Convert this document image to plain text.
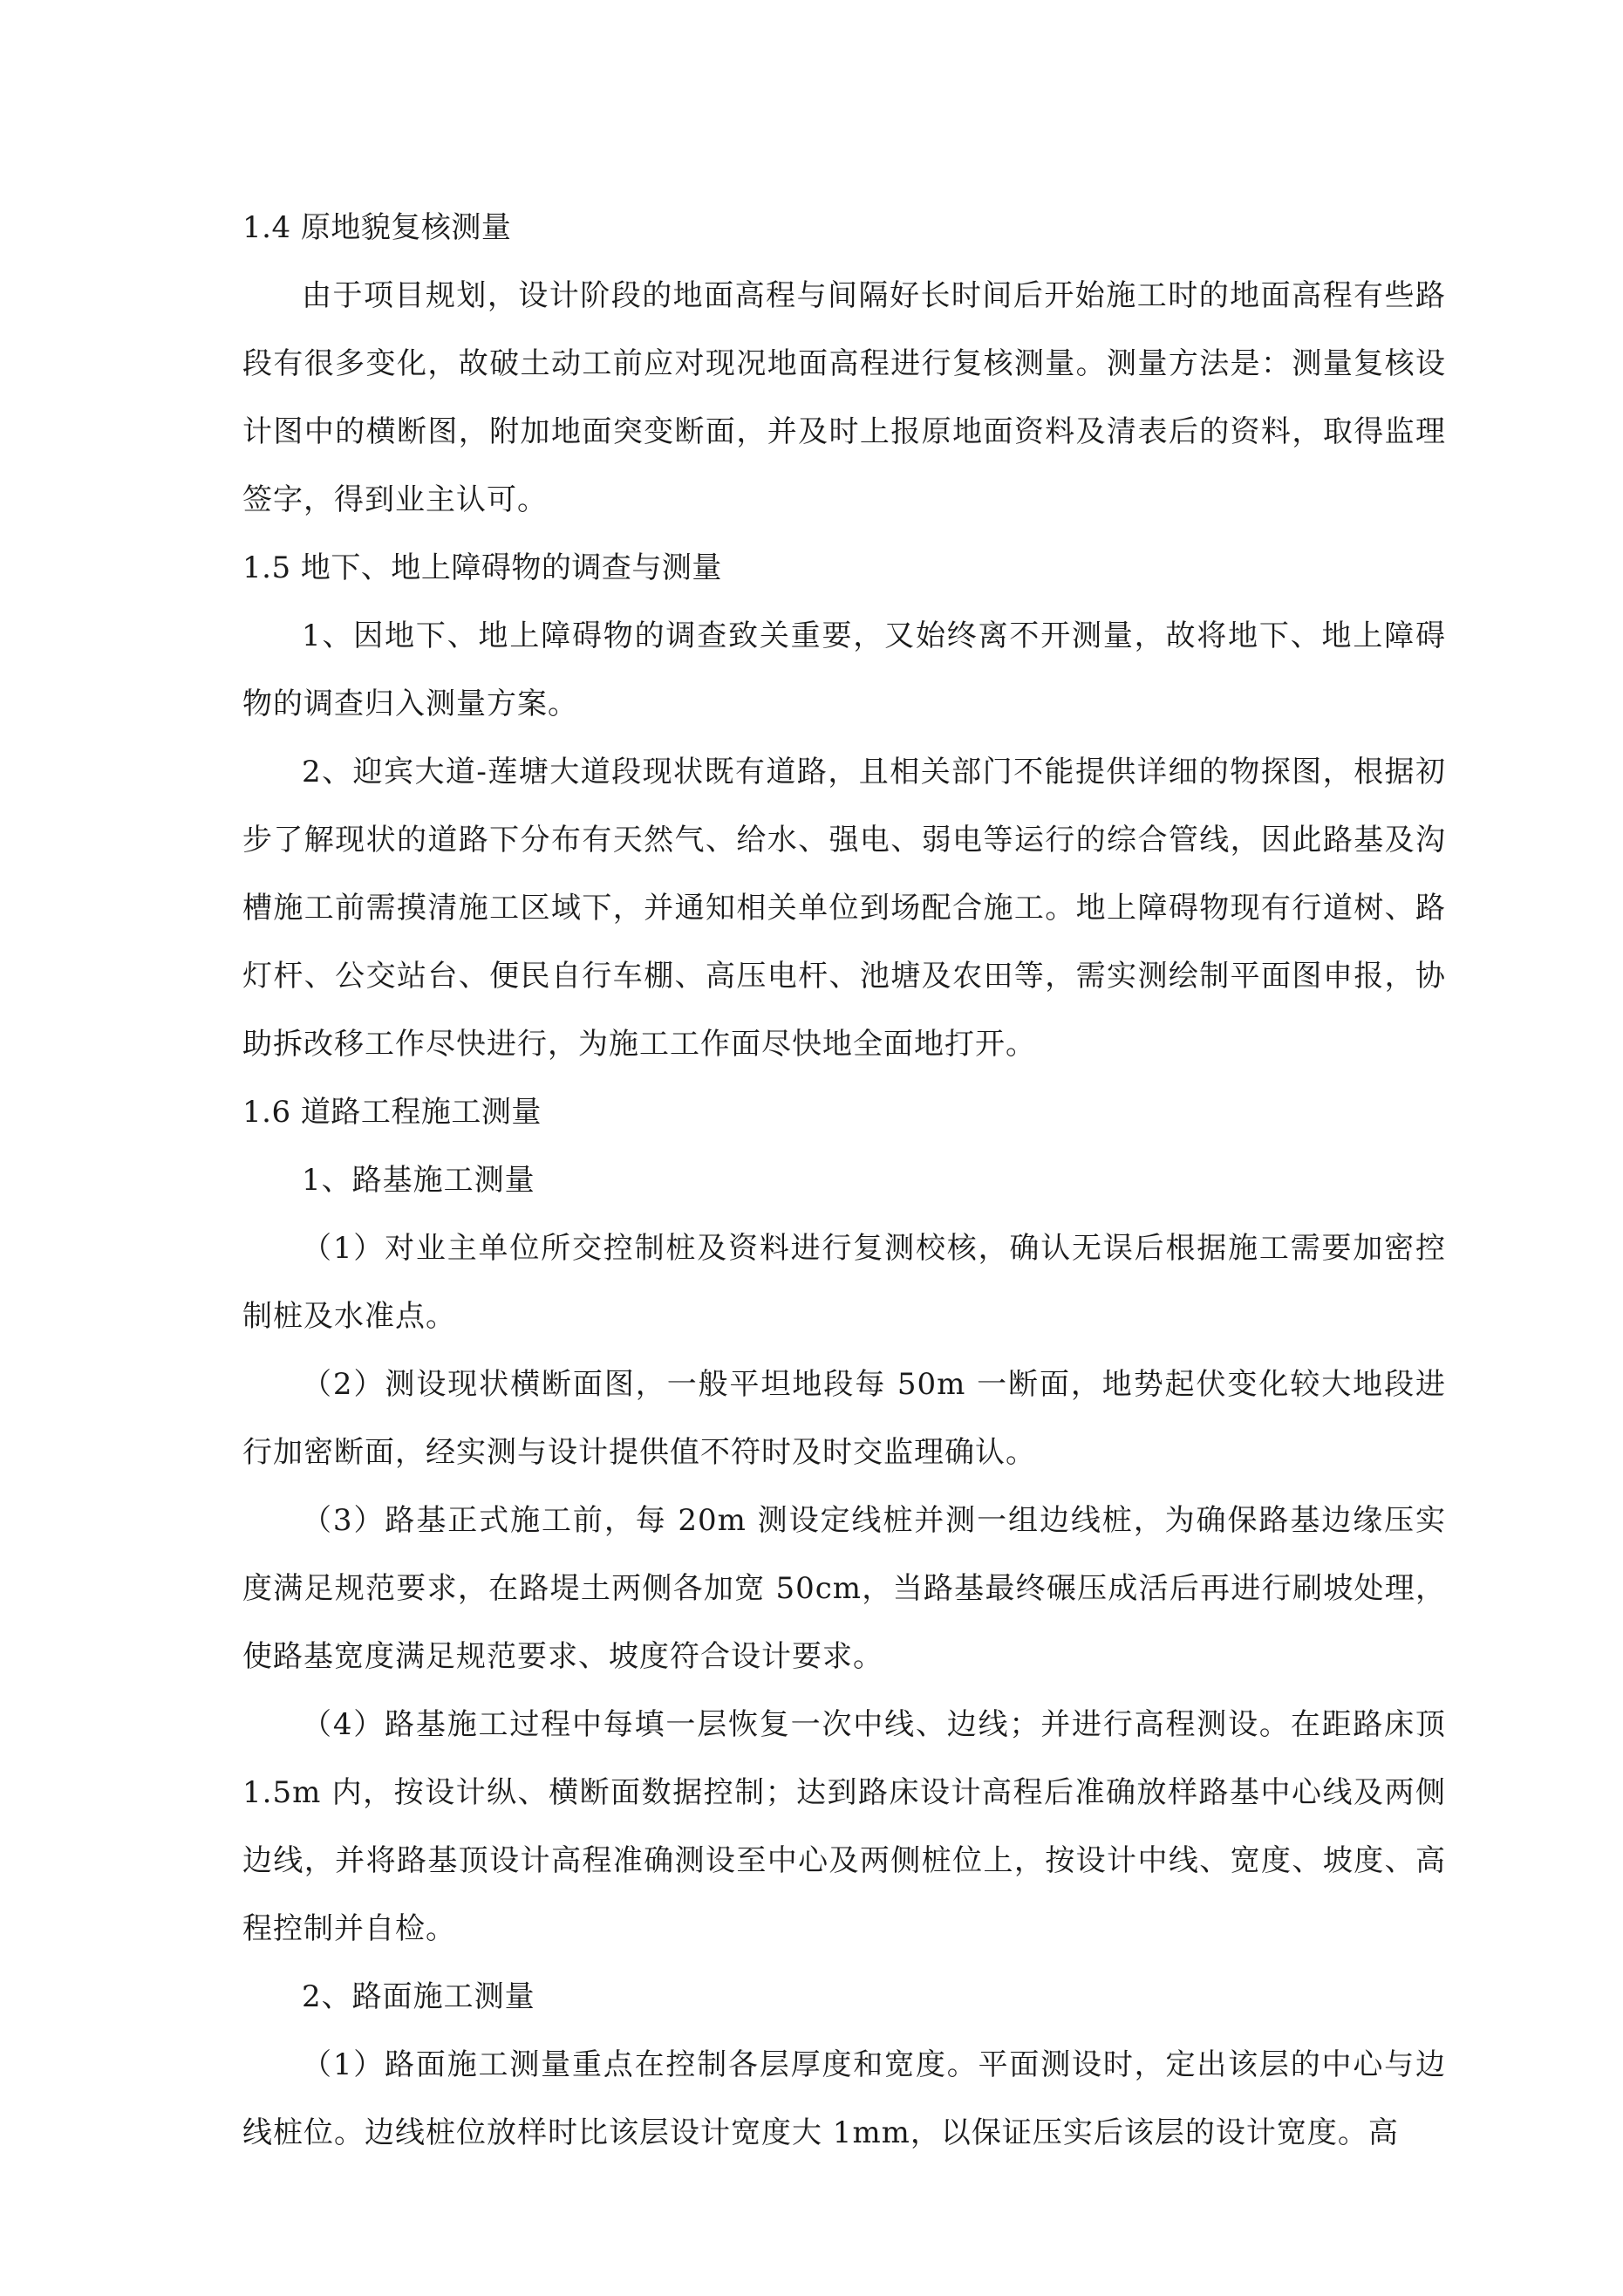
1.4 原地貌复核测量

由于项目规划，设计阶段的地面高程与间隔好长时间后开始施工时的地面高程有些路段有很多变化，故破土动工前应对现况地面高程进行复核测量。测量方法是：测量复核设计图中的横断图，附加地面突变断面，并及时上报原地面资料及清表后的资料，取得监理签字，得到业主认可。

1.5 地下、地上障碍物的调查与测量

1、因地下、地上障碍物的调查致关重要，又始终离不开测量，故将地下、地上障碍物的调查归入测量方案。

2、迎宾大道-莲塘大道段现状既有道路，且相关部门不能提供详细的物探图，根据初步了解现状的道路下分布有天然气、给水、强电、弱电等运行的综合管线，因此路基及沟槽施工前需摸清施工区域下，并通知相关单位到场配合施工。地上障碍物现有行道树、路灯杆、公交站台、便民自行车棚、高压电杆、池塘及农田等，需实测绘制平面图申报，协助拆改移工作尽快进行，为施工工作面尽快地全面地打开。

1.6 道路工程施工测量

1、路基施工测量

（1）对业主单位所交控制桩及资料进行复测校核，确认无误后根据施工需要加密控制桩及水准点。

（2）测设现状横断面图，一般平坦地段每 50m 一断面，地势起伏变化较大地段进行加密断面，经实测与设计提供值不符时及时交监理确认。

（3）路基正式施工前，每 20m 测设定线桩并测一组边线桩，为确保路基边缘压实度满足规范要求，在路堤土两侧各加宽 50cm，当路基最终碾压成活后再进行刷坡处理，使路基宽度满足规范要求、坡度符合设计要求。

（4）路基施工过程中每填一层恢复一次中线、边线；并进行高程测设。在距路床顶1.5m 内，按设计纵、横断面数据控制；达到路床设计高程后准确放样路基中心线及两侧边线，并将路基顶设计高程准确测设至中心及两侧桩位上，按设计中线、宽度、坡度、高程控制并自检。

2、路面施工测量

（1）路面施工测量重点在控制各层厚度和宽度。平面测设时，定出该层的中心与边线桩位。边线桩位放样时比该层设计宽度大 1mm，以保证压实后该层的设计宽度。高
